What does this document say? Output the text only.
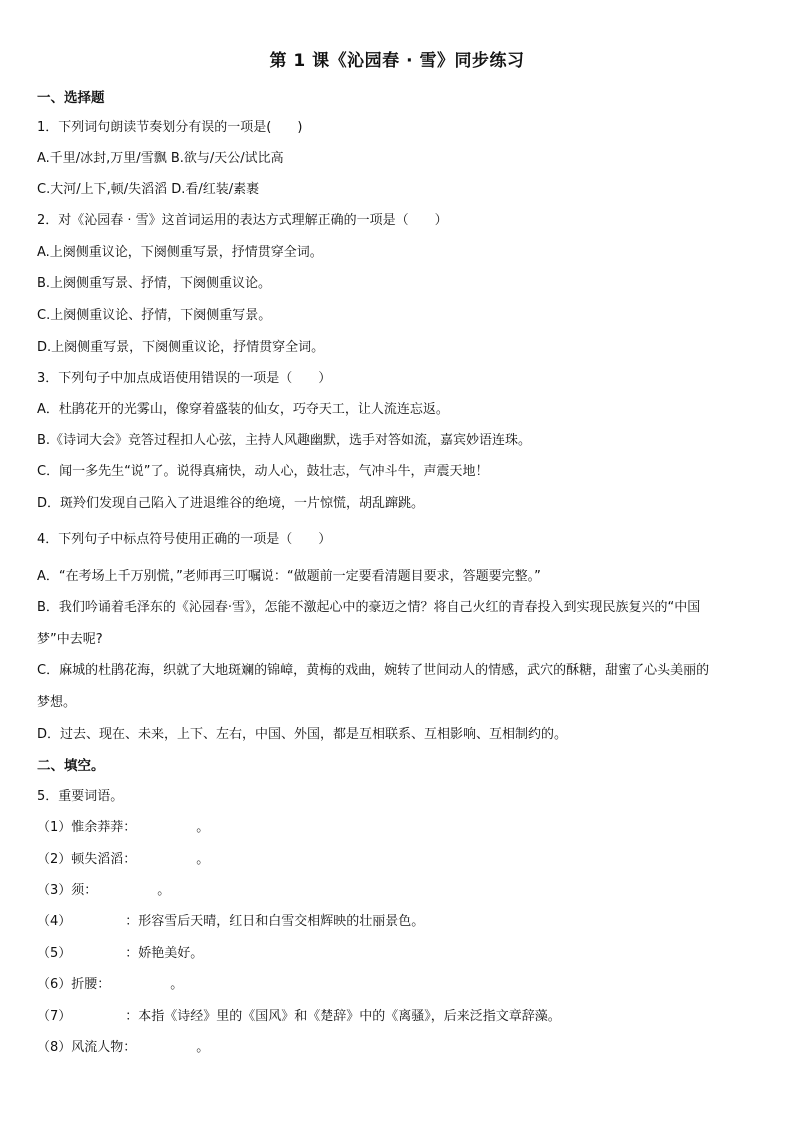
第 1 课《沁园春 · 雪》同步练习
一、选择题
1．下列词句朗读节奏划分有误的一项是(　　)
A.千里/冰封,万里/雪飘 B.欲与/天公/试比高
C.大河/上下,顿/失滔滔 D.看/红装/素裹
2．对《沁园春 · 雪》这首词运用的表达方式理解正确的一项是（　　）
A.上阕侧重议论，下阕侧重写景，抒情贯穿全词。
B.上阕侧重写景、抒情，下阕侧重议论。
C.上阕侧重议论、抒情，下阕侧重写景。
D.上阕侧重写景，下阕侧重议论，抒情贯穿全词。
3．下列句子中加点成语使用错误的一项是（　　）
A．杜鹃花开的光雾山，像穿着盛装的仙女，巧夺天工，让人流连忘返。
B.《诗词大会》竞答过程扣人心弦，主持人风趣幽默，选手对答如流，嘉宾妙语连珠。
C．闻一多先生“说”了。说得真痛快，动人心，鼓壮志，气冲斗牛，声震天地！
D．斑羚们发现自己陷入了进退维谷的绝境，一片惊慌，胡乱蹿跳。
4．下列句子中标点符号使用正确的一项是（　　）
A．“在考场上千万别慌，”老师再三叮嘱说：“做题前一定要看清题目要求，答题要完整。”
B．我们吟诵着毛泽东的《沁园春·雪》，怎能不激起心中的豪迈之情？将自己火红的青春投入到实现民族复兴的“中国
梦”中去呢?
C．麻城的杜鹃花海，织就了大地斑斓的锦嶂，黄梅的戏曲，婉转了世间动人的情感，武穴的酥糖，甜蜜了心头美丽的
梦想。
D．过去、现在、未来，上下、左右，中国、外国，都是互相联系、互相影响、互相制约的。
二、填空。
5．重要词语。
（1）惟余莽莽：	。
（2）顿失滔滔：	。
（3）须：	。
（4）	：形容雪后天晴，红日和白雪交相辉映的壮丽景色。
（5）	：娇艳美好。
（6）折腰：	。
（7）	：本指《诗经》里的《国风》和《楚辞》中的《离骚》，后来泛指文章辞藻。
（8）风流人物：	。
